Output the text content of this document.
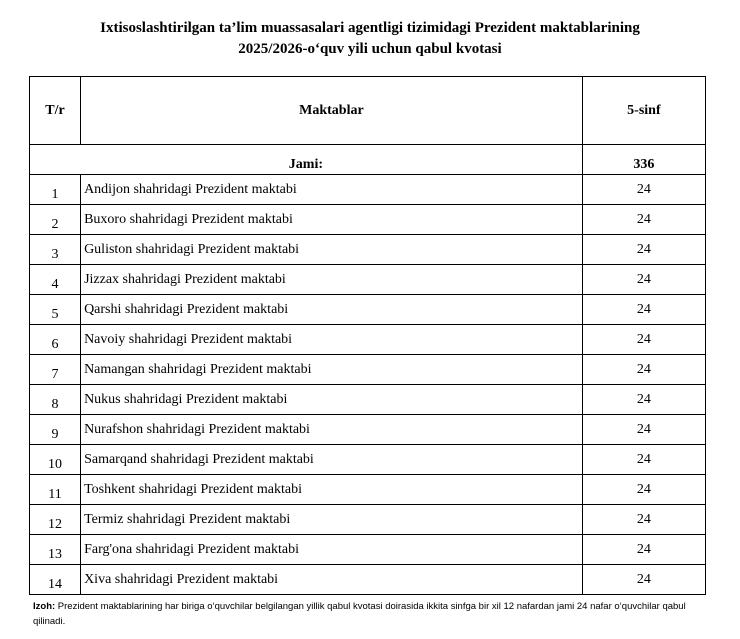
Ixtisoslashtirilgan ta’lim muassasalari agentligi tizimidagi Prezident maktablarining
2025/2026-o‘quv yili uchun qabul kvotasi
T/r	Maktablar	5-sinf

Jami:		336
1	Andijon shahridagi Prezident maktabi	24
2	Buxoro shahridagi Prezident maktabi	24
3	Guliston shahridagi Prezident maktabi	24
4	Jizzax shahridagi Prezident maktabi	24
5	Qarshi shahridagi Prezident maktabi	24
6	Navoiy shahridagi Prezident maktabi	24
7	Namangan shahridagi Prezident maktabi	24
8	Nukus shahridagi Prezident maktabi	24
9	Nurafshon shahridagi Prezident maktabi	24
10	Samarqand shahridagi Prezident maktabi	24
11	Toshkent shahridagi Prezident maktabi	24
12	Termiz shahridagi Prezident maktabi	24
13	Farg'ona shahridagi Prezident maktabi	24
14	Xiva shahridagi Prezident maktabi	24
Izoh: Prezident maktablarining har biriga o‘quvchilar belgilangan yillik qabul kvotasi doirasida ikkita sinfga bir xil 12 nafardan jami 24 nafar o‘quvchilar qabul qilinadi.
